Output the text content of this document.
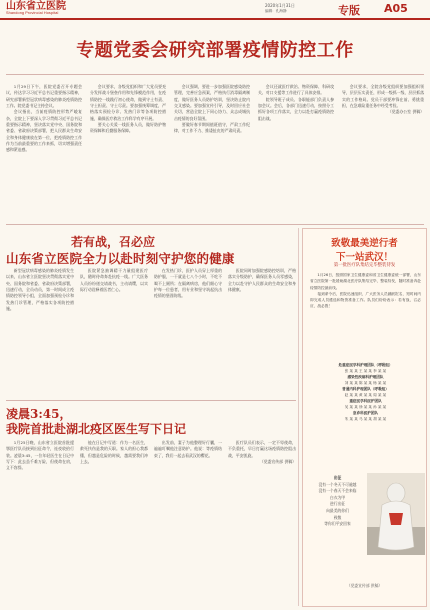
山东省立医院
Shandong Provincial Hospital
2020年1月31日
编辑：孔海静	专版 A05
专题党委会研究部署疫情防控工作

1月29日下午，医院党委召开专题会议，传达学习习近平总书记重要指示精神，研究部署新型冠状病毒感染的肺炎疫情防控工作。院党委书记主持会议。

会议指出，当前疫情防控形势严峻复杂，全院上下要深入学习贯彻习近平总书记重要指示精神，坚决落实党中央、国务院和省委、省政府决策部署，把人民群众生命安全和身体健康放在第一位，把疫情防控工作作为当前最重要的工作来抓，切实增强责任感和紧迫感。

会议要求，各级党组织和广大党员要充分发挥战斗堡垒作用和先锋模范作用，在疫情防控一线践行初心使命，做到守土有责、守土担责、守土尽责。要加强统筹调度，严格落实预检分诊、发热门诊等各项防控措施，确保医疗救治工作科学有序开展。

要关心关爱一线医务人员，做好防护物资保障和后勤服务保障。

会议强调，要进一步加强医院感染防控管理，完善应急预案，严格执行消毒隔离制度，做好医务人员防护培训，坚决防止院内交叉感染。要加强宣传引导，及时回应社会关切，营造全院上下同心协力、众志成城抗击疫情的良好氛围。

要做好春节期间值班值守，严肃工作纪律，对工作不力、推诿扯皮的严肃问责。

会议还就医疗救治、物资保障、科研攻关、对口支援等工作进行了具体安排。

院领导班子成员、各职能部门负责人参加会议。会后，各部门迅速行动，按照分工抓好各项工作落实，全力以赴打赢疫情防控阻击战。

会议要求，全院各级党组织要加强组织领导，层层压实责任，形成一级抓一级、层层抓落实的工作格局。党员干部要冲锋在前、勇挑重担，在急难险重任务中经受考验。

（党委办公室 供稿）

若有战，召必应
山东省立医院全力以赴时刻守护您的健康

新型冠状病毒感染的肺炎疫情发生以来，山东省立医院坚决贯彻落实党中央、国务院和省委、省政府决策部署，迅速行动，全员动员，第一时间成立疫情防控领导小组，全面加强预检分诊和发热门诊管理，严格落实各项防控措施。

医院紧急抽调精干力量组建医疗队，随时待命奔赴抗疫一线。广大医务人员纷纷递交请战书，主动请缨，以实际行动诠释着医者仁心。

在发热门诊，医护人员穿上厚重的防护服，一干就是七八个小时，不吃不喝不上厕所；在隔离病房，他们细心守护每一位患者，用专业和坚守筑起抗击疫情的坚固防线。

医院同时加强院感防控培训，严格落实分级防护，确保医务人员零感染，全力以赴守护人民群众的生命安全和身体健康。

凌晨3:45，
我院首批赴湖北疫区医生写下日记

1月25日晚，山东省立医院首批援鄂医疗队员接到出征命令，连夜收拾行装。凌晨3:45，一位年轻医生在日记中写下：此去虽千难万险，但使命在肩，义不容辞。

他在日记中写道：作为一名医生，救死扶伤是我的天职。家人的担心我都懂，但越是危险的时候，越需要我们冲上去。

出发前，妻子为他整理好行囊，一遍遍叮嘱他注意防护。他说：等疫情结束了，我们一起去看武汉的樱花。

医疗队员们表示，一定不辱使命，不负重托，早日打赢这场疫情防控阻击战，平安凯旋。

（党委宣传部 供稿）

致敬最美逆行者
下一站武汉！
第一批医疗队集结完毕整装待发

1月26日，按照国家卫生健康委和省卫生健康委统一部署，山东省立医院第一批援助湖北医疗队集结完毕，整装待发，随时准备奔赴疫情防控最前线。

接到命令后，医院迅速组织，广大医务人员踊跃报名，短时间内即完成人员遴选和物资准备工作。队员们纷纷表示：若有战，召必应，战必胜！

危重症医学科护理团队（呼吸组）
张 某 某 王 某 某 李 某 某
感染性疾病科护理团队
刘 某 某 陈 某 某 杨 某 某
普通内科护理团队（呼吸组）
赵 某 某 黄 某 某 周 某 某
重症医学科医护团队
吴 某 某 徐 某 某 孙 某 某
急诊科医护团队
朱 某 某 马 某 某 胡 某 某
出征
没有一个冬天不可逾越
没有一个春天不会来临
白衣为甲
逆行出征
向最美的你们
致敬
等你们平安回家
（党委宣传部 供稿）
